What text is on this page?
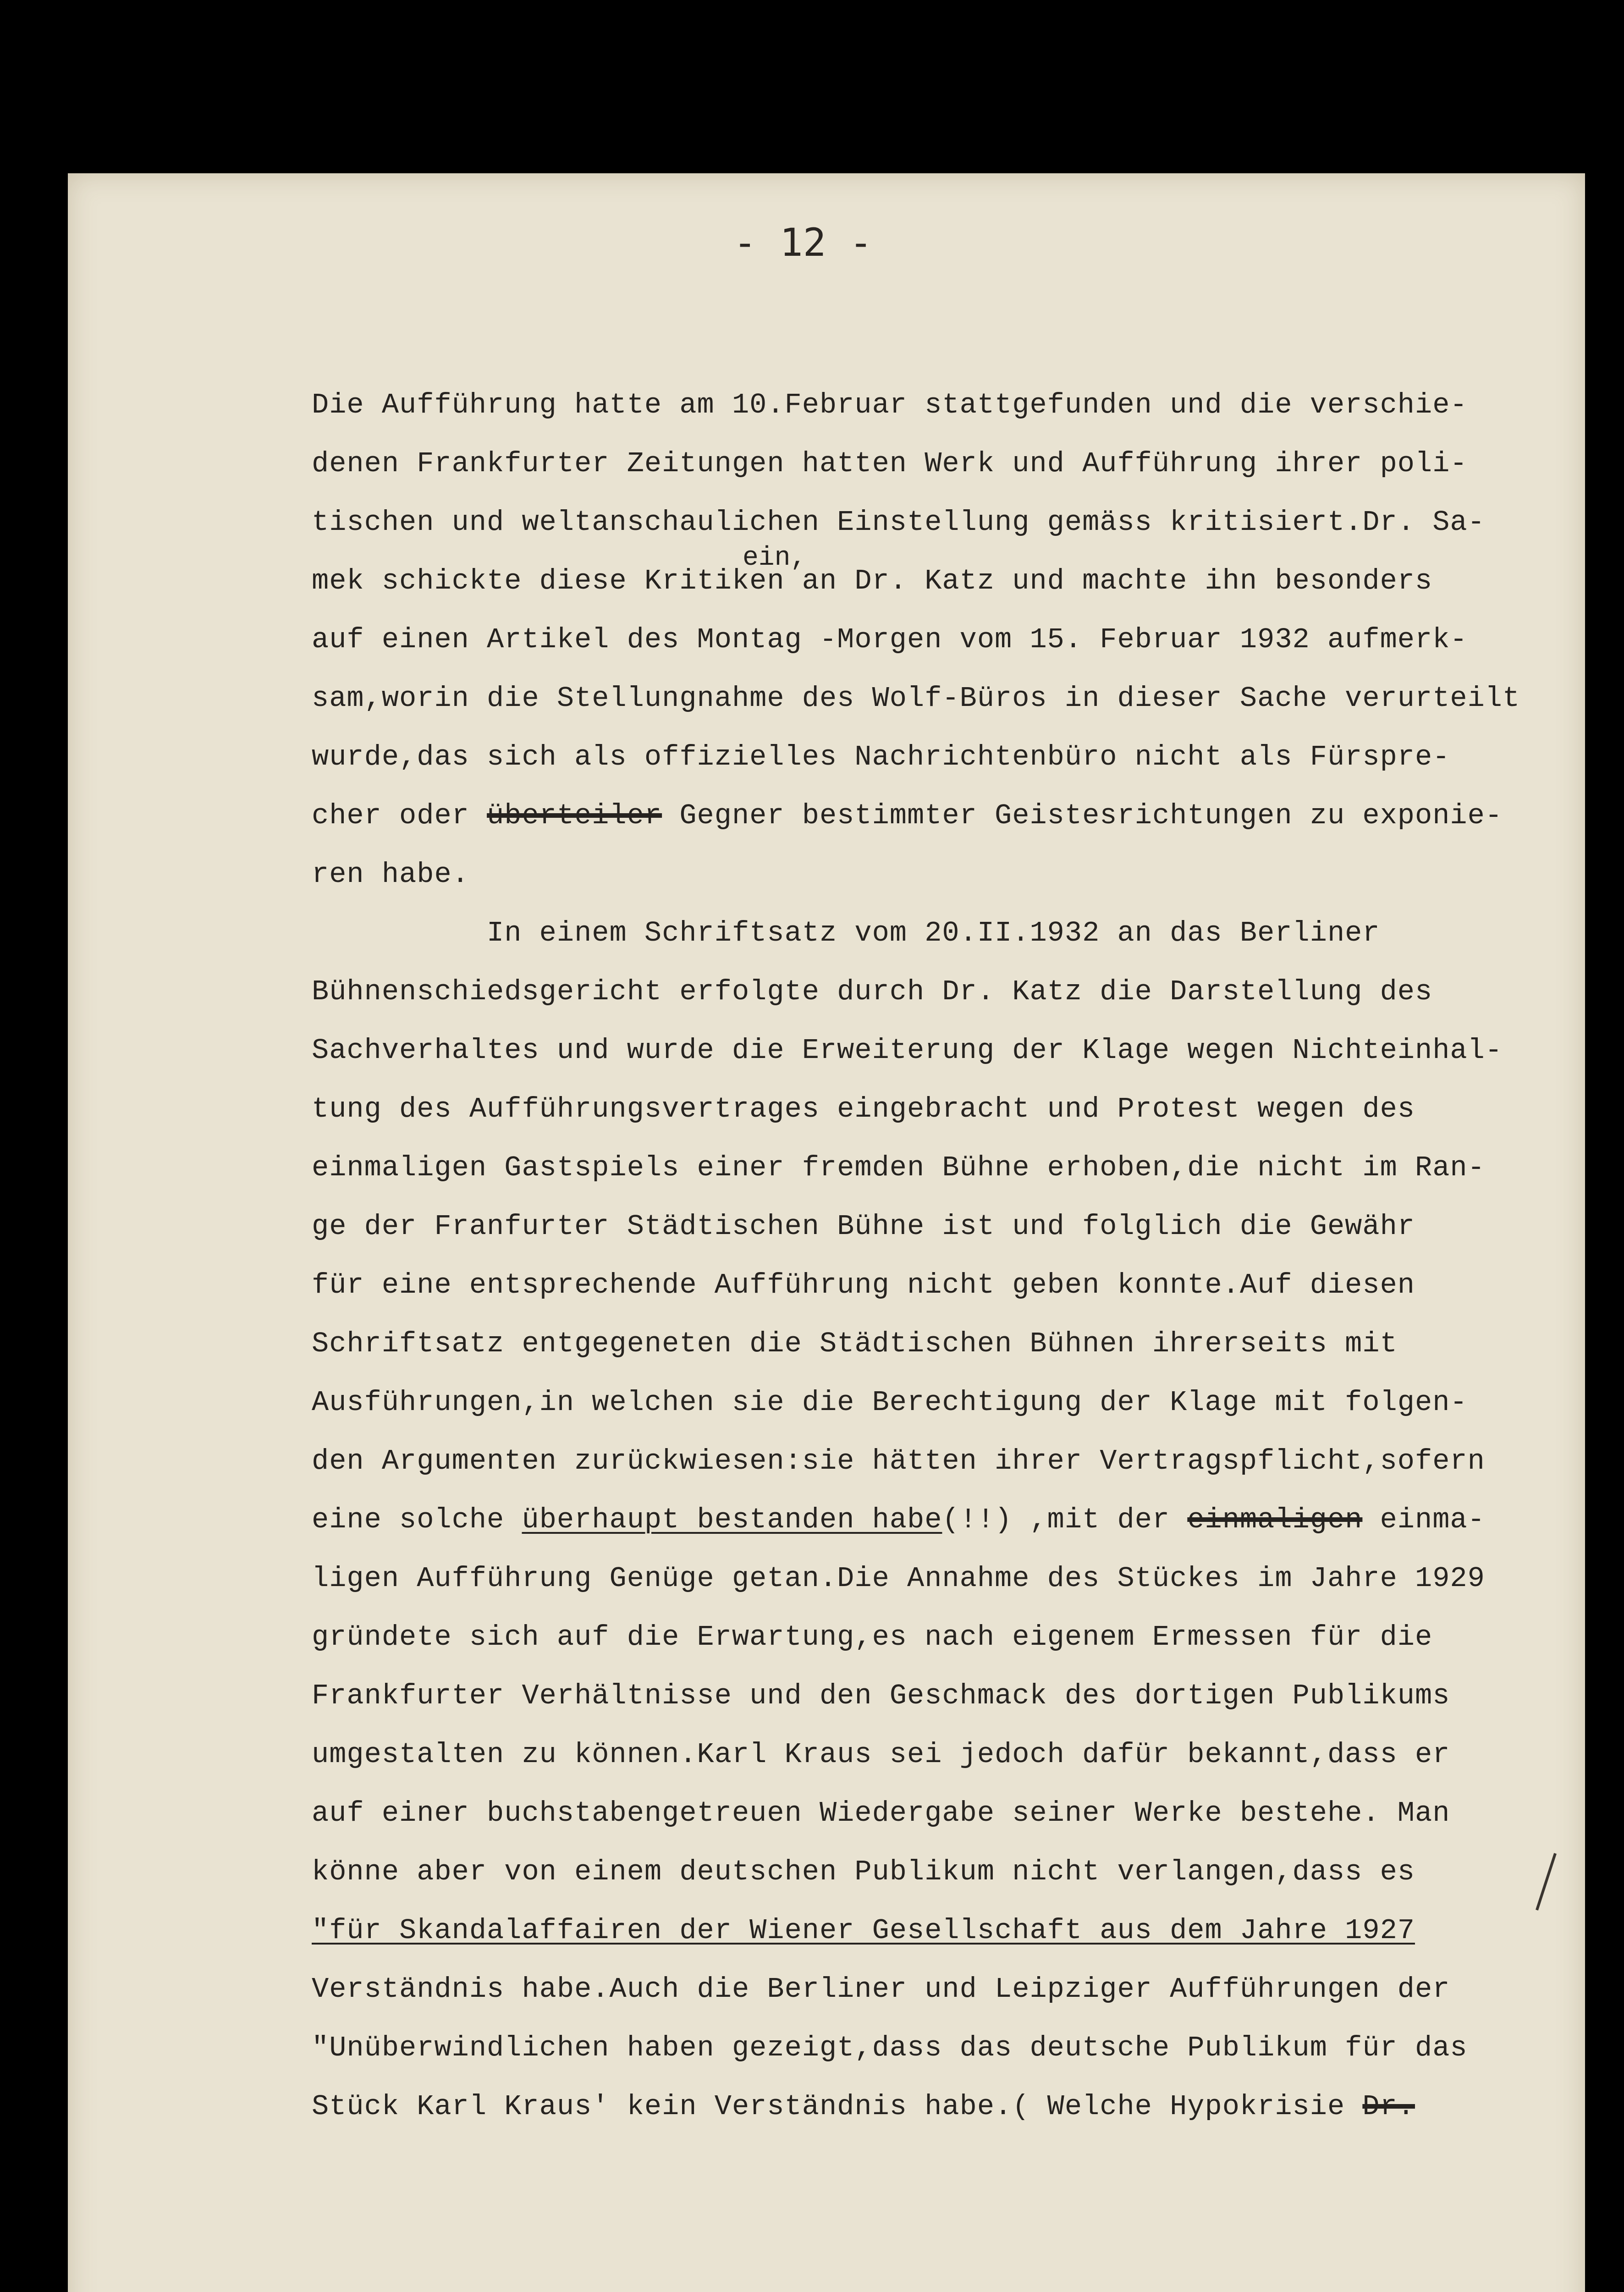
- 12 -
ein,
Die Aufführung hatte am 10.Februar stattgefunden und die verschie-
denen Frankfurter Zeitungen hatten Werk und Aufführung ihrer poli-
tischen und weltanschaulichen Einstellung gemäss kritisiert.Dr. Sa-
mek schickte diese Kritiken an Dr. Katz und machte ihn besonders
auf einen Artikel des Montag -Morgen vom 15. Februar 1932 aufmerk-
sam,worin die Stellungnahme des Wolf-Büros in dieser Sache verurteilt
wurde,das sich als offizielles Nachrichtenbüro nicht als Fürspre-
cher oder überteiler Gegner bestimmter Geistesrichtungen zu exponie-
ren habe.
In einem Schriftsatz vom 20.II.1932 an das Berliner
Bühnenschiedsgericht erfolgte durch Dr. Katz die Darstellung des
Sachverhaltes und wurde die Erweiterung der Klage wegen Nichteinhal-
tung des Aufführungsvertrages eingebracht und Protest wegen des
einmaligen Gastspiels einer fremden Bühne erhoben,die nicht im Ran-
ge der Franfurter Städtischen Bühne ist und folglich die Gewähr
für eine entsprechende Aufführung nicht geben konnte.Auf diesen
Schriftsatz entgegeneten die Städtischen Bühnen ihrerseits mit
Ausführungen,in welchen sie die Berechtigung der Klage mit folgen-
den Argumenten zurückwiesen:sie hätten ihrer Vertragspflicht,sofern
eine solche überhaupt bestanden habe(!!) ,mit der einmaligen einma-
ligen Aufführung Genüge getan.Die Annahme des Stückes im Jahre 1929
gründete sich auf die Erwartung,es nach eigenem Ermessen für die
Frankfurter Verhältnisse und den Geschmack des dortigen Publikums
umgestalten zu können.Karl Kraus sei jedoch dafür bekannt,dass er
auf einer buchstabengetreuen Wiedergabe seiner Werke bestehe. Man
könne aber von einem deutschen Publikum nicht verlangen,dass es
"für Skandalaffairen der Wiener Gesellschaft aus dem Jahre 1927
Verständnis habe.Auch die Berliner und Leipziger Aufführungen der
"Unüberwindlichen haben gezeigt,dass das deutsche Publikum für das
Stück Karl Kraus' kein Verständnis habe.( Welche Hypokrisie Dr.
